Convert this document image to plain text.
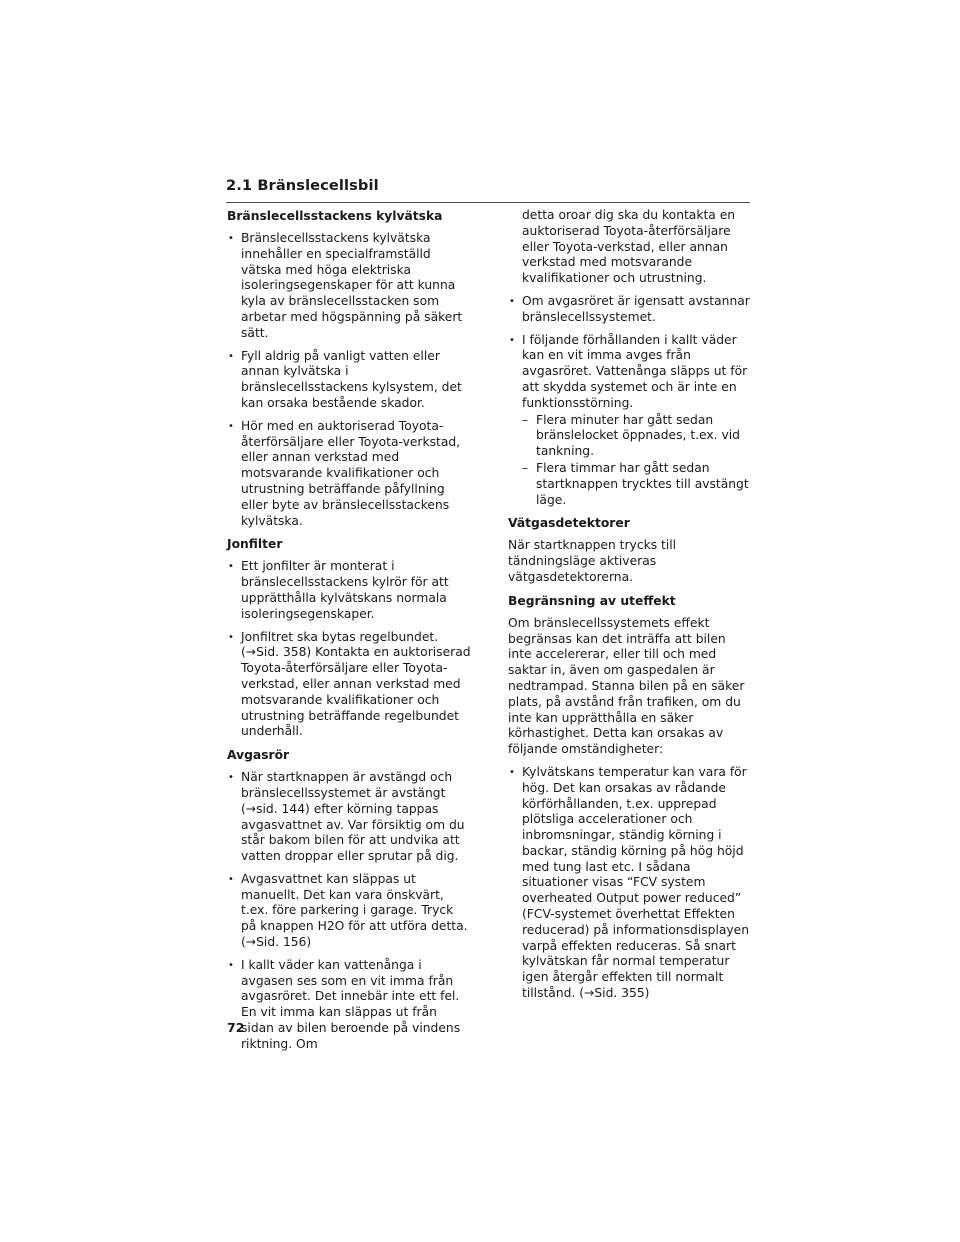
2.1 Bränslecellsbil
Bränslecellsstackens kylvätska
• Bränslecellsstackens kylvätska innehåller en specialframställd vätska med höga elektriska isoleringsegenskaper för att kunna kyla av bränslecellsstacken som arbetar med högspänning på säkert sätt.
• Fyll aldrig på vanligt vatten eller annan kylvätska i bränslecellsstackens kylsystem, det kan orsaka bestående skador.
• Hör med en auktoriserad Toyota-återförsäljare eller Toyota-verkstad, eller annan verkstad med motsvarande kvalifikationer och utrustning beträffande påfyllning eller byte av bränslecellsstackens kylvätska.
Jonfilter
• Ett jonfilter är monterat i bränslecellsstackens kylrör för att upprätthålla kylvätskans normala isoleringsegenskaper.
• Jonfiltret ska bytas regelbundet. (→Sid. 358) Kontakta en auktoriserad Toyota-återförsäljare eller Toyota-verkstad, eller annan verkstad med motsvarande kvalifikationer och utrustning beträffande regelbundet underhåll.
Avgasrör
• När startknappen är avstängd och bränslecellssystemet är avstängt (→sid. 144) efter körning tappas avgasvattnet av. Var försiktig om du står bakom bilen för att undvika att vatten droppar eller sprutar på dig.
• Avgasvattnet kan släppas ut manuellt. Det kan vara önskvärt, t.ex. före parkering i garage. Tryck på knappen H2O för att utföra detta. (→Sid. 156)
• I kallt väder kan vattenånga i avgasen ses som en vit imma från avgasröret. Det innebär inte ett fel. En vit imma kan släppas ut från sidan av bilen beroende på vindens riktning. Om

detta oroar dig ska du kontakta en auktoriserad Toyota-återförsäljare eller Toyota-verkstad, eller annan verkstad med motsvarande kvalifikationer och utrustning.

• Om avgasröret är igensatt avstannar bränslecellssystemet.
• I följande förhållanden i kallt väder kan en vit imma avges från avgasröret. Vattenånga släpps ut för att skydda systemet och är inte en funktionsstörning.
– Flera minuter har gått sedan bränslelocket öppnades, t.ex. vid tankning.
– Flera timmar har gått sedan startknappen trycktes till avstängt läge.
Vätgasdetektorer

När startknappen trycks till tändningsläge aktiveras vätgasdetektorerna.

Begränsning av uteffekt

Om bränslecellssystemets effekt begränsas kan det inträffa att bilen inte accelererar, eller till och med saktar in, även om gaspedalen är nedtrampad. Stanna bilen på en säker plats, på avstånd från trafiken, om du inte kan upprätthålla en säker körhastighet. Detta kan orsakas av följande omständigheter:

• Kylvätskans temperatur kan vara för hög. Det kan orsakas av rådande körförhållanden, t.ex. upprepad plötsliga accelerationer och inbromsningar, ständig körning i backar, ständig körning på hög höjd med tung last etc. I sådana situationer visas “FCV system overheated Output power reduced” (FCV-systemet överhettat Effekten reducerad) på informationsdisplayen varpå effekten reduceras. Så snart kylvätskan får normal temperatur igen återgår effekten till normalt tillstånd. (→Sid. 355)
72
